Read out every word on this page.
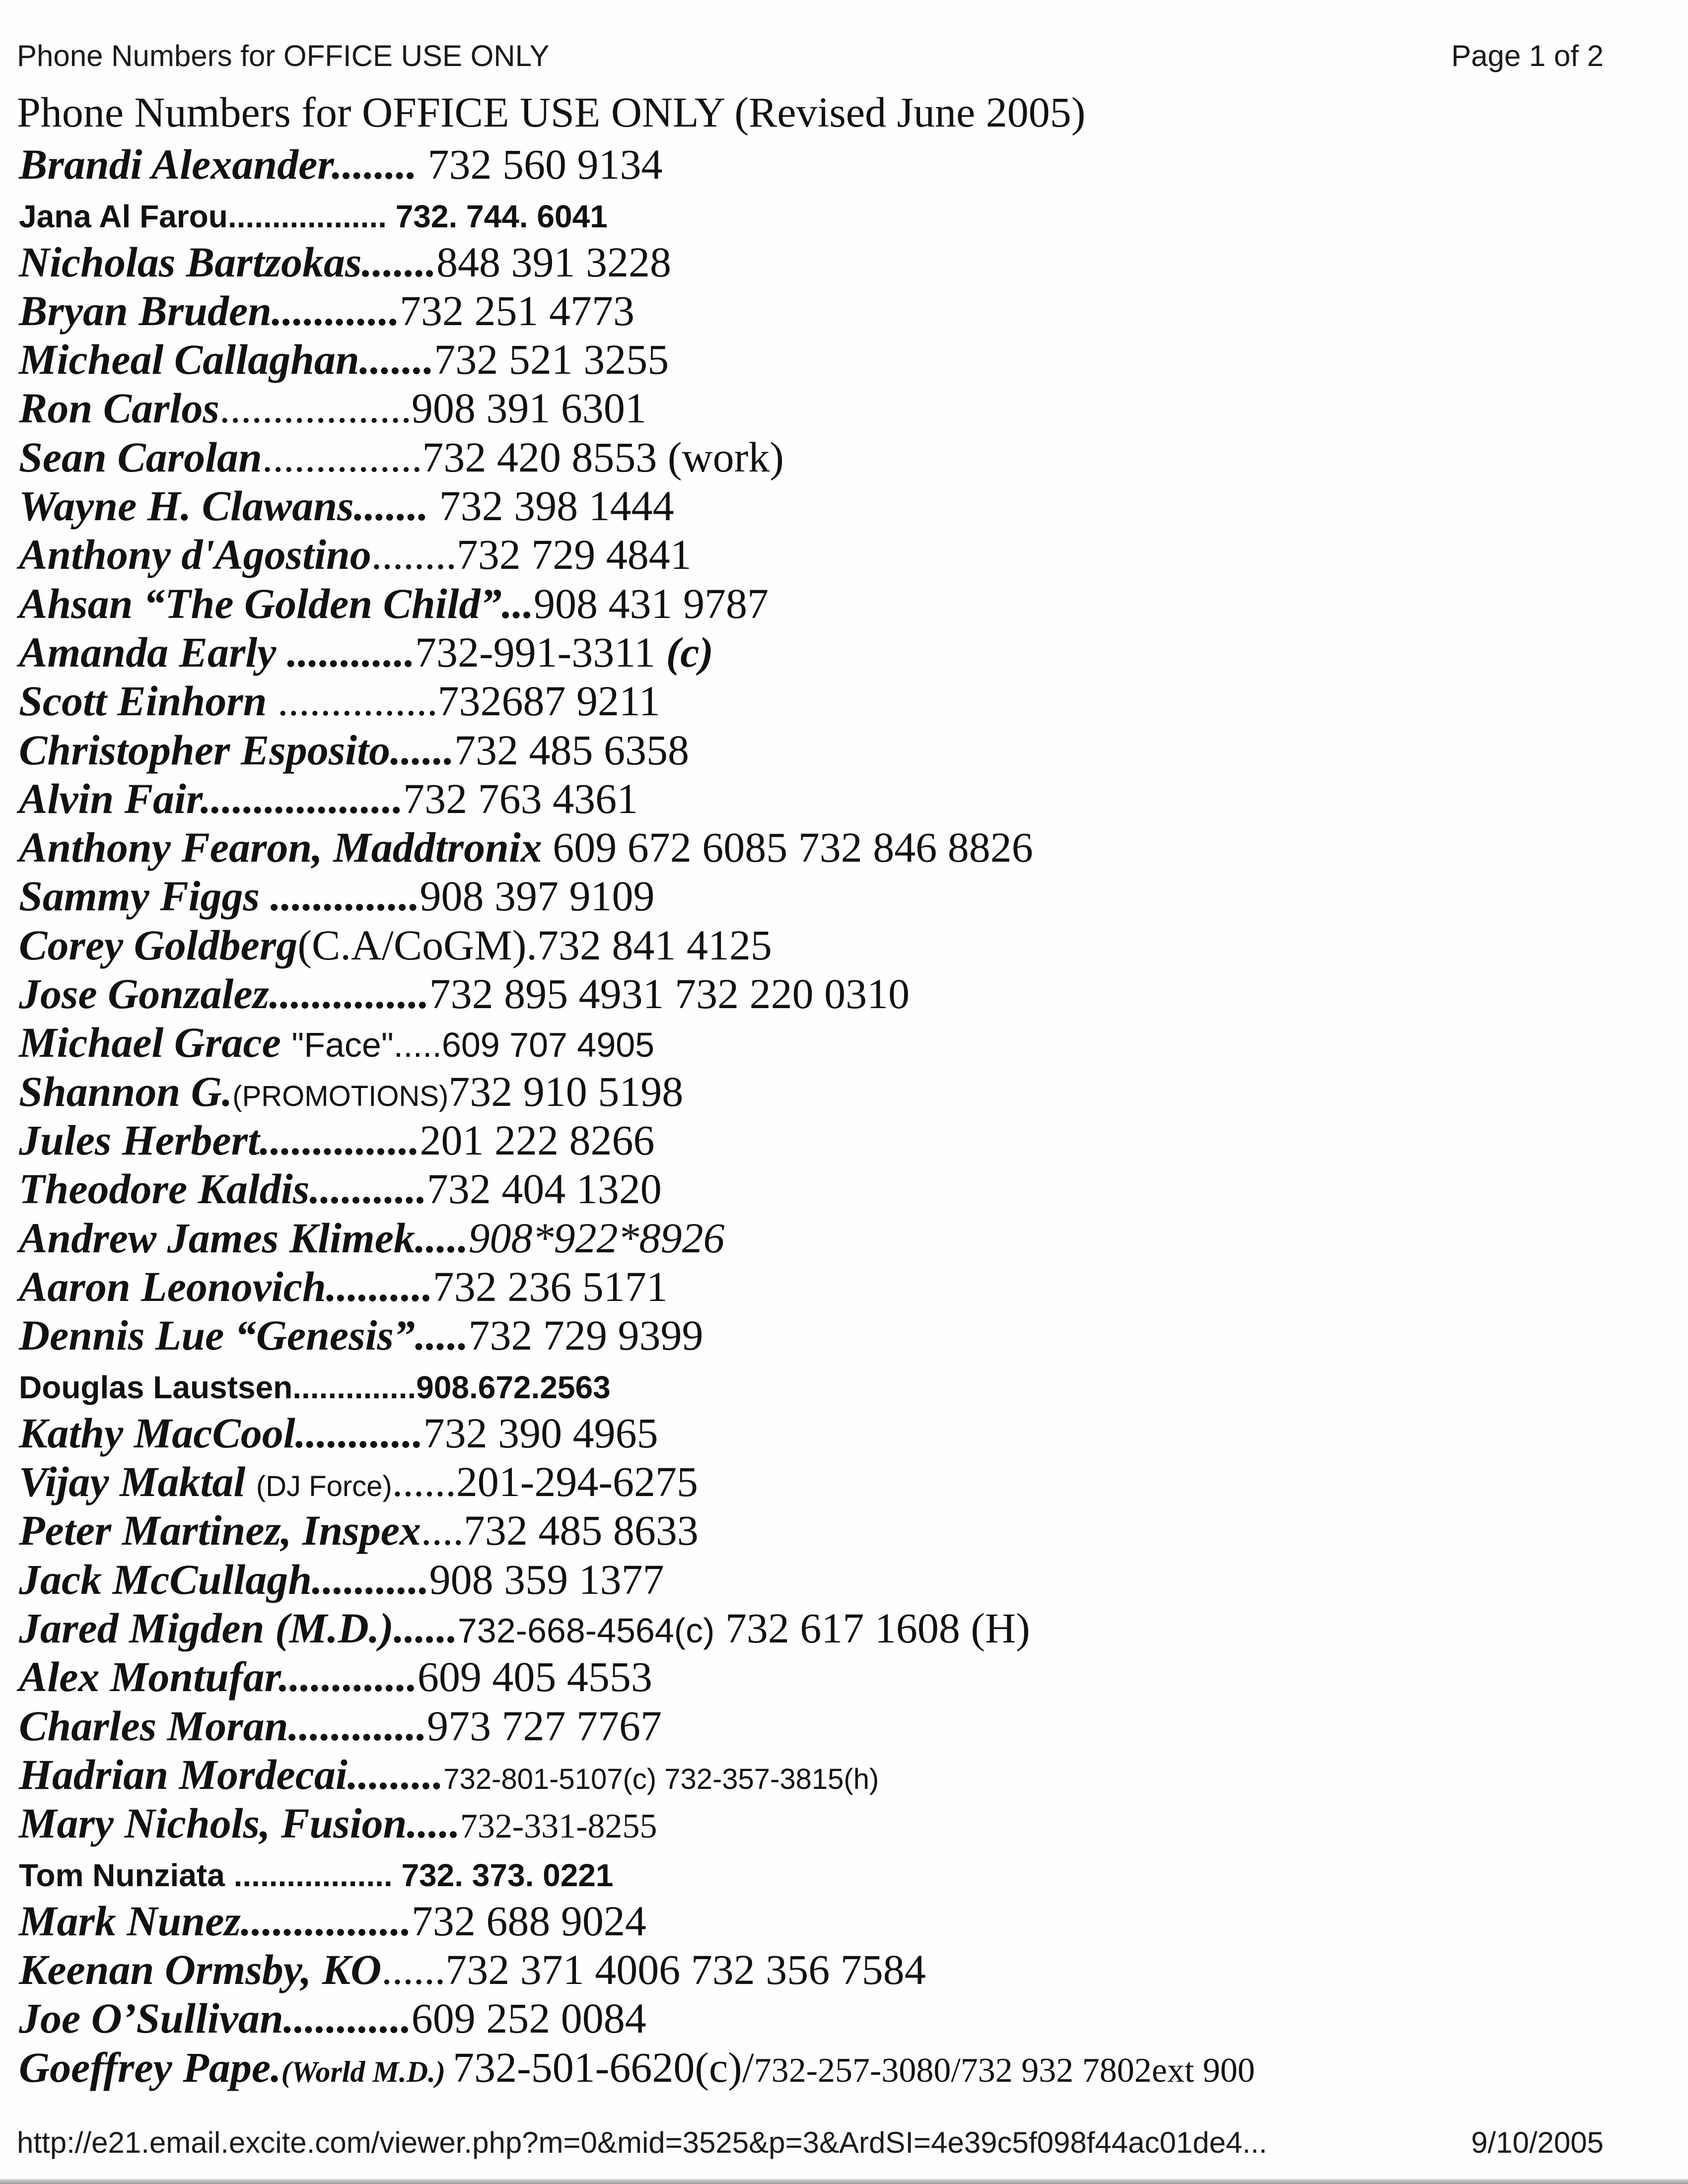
Phone Numbers for OFFICE USE ONLY	Page 1 of 2
Phone Numbers for OFFICE USE ONLY (Revised June 2005)
Brandi Alexander........ 732 560 9134
Jana Al Farou.................. 732. 744. 6041
Nicholas Bartzokas.......848 391 3228
Bryan Bruden............732 251 4773
Micheal Callaghan.......732 521 3255
Ron Carlos..................908 391 6301
Sean Carolan...............732 420 8553 (work)
Wayne H. Clawans....... 732 398 1444
Anthony d'Agostino........732 729 4841
Ahsan “The Golden Child”...908 431 9787
Amanda Early ............732-991-3311 (c)
Scott Einhorn ...............732687 9211
Christopher Esposito......732 485 6358
Alvin Fair...................732 763 4361
Anthony Fearon, Maddtronix 609 672 6085 732 846 8826
Sammy Figgs ..............908 397 9109
Corey Goldberg(C.A/CoGM).732 841 4125
Jose Gonzalez...............732 895 4931 732 220 0310
Michael Grace "Face".....609 707 4905
Shannon G.(PROMOTIONS)732 910 5198
Jules Herbert...............201 222 8266
Theodore Kaldis...........732 404 1320
Andrew James Klimek.....908*922*8926
Aaron Leonovich..........732 236 5171
Dennis Lue “Genesis”.....732 729 9399
Douglas Laustsen..............908.672.2563
Kathy MacCool............732 390 4965
Vijay Maktal (DJ Force)......201-294-6275
Peter Martinez, Inspex....732 485 8633
Jack McCullagh...........908 359 1377
Jared Migden (M.D.)......732-668-4564(c) 732 617 1608 (H)
Alex Montufar.............609 405 4553
Charles Moran.............973 727 7767
Hadrian Mordecai.........732-801-5107(c) 732-357-3815(h)
Mary Nichols, Fusion.....732-331-8255
Tom Nunziata .................. 732. 373. 0221
Mark Nunez................732 688 9024
Keenan Ormsby, KO......732 371 4006 732 356 7584
Joe O’Sullivan............609 252 0084
Goeffrey Pape.(World M.D.) 732-501-6620(c)/732-257-3080/732 932 7802ext 900
http://e21.email.excite.com/viewer.php?m=0&mid=3525&p=3&ArdSI=4e39c5f098f44ac01de4...	9/10/2005
